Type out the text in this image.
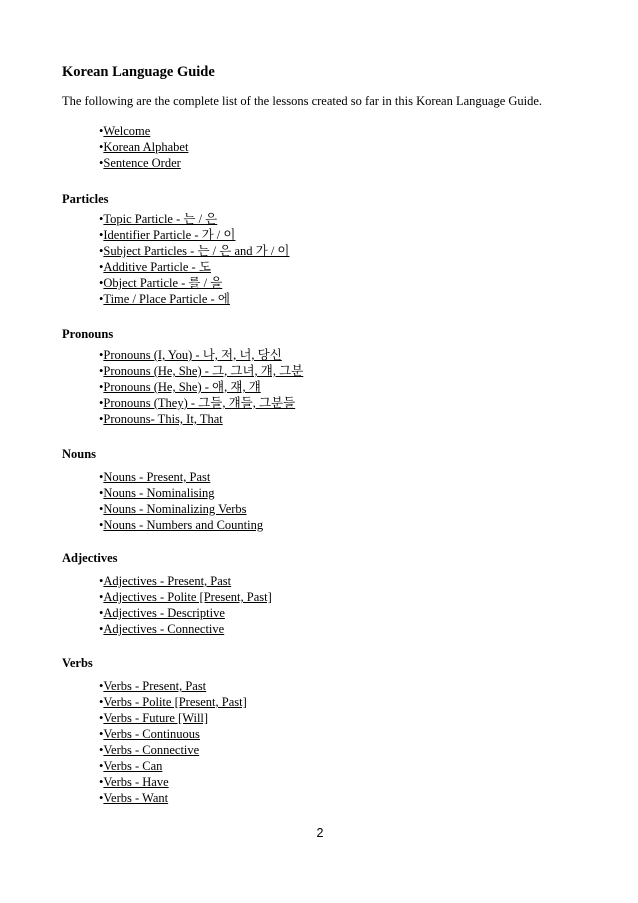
Korean Language Guide

The following are the complete list of the lessons created so far in this Korean Language Guide.

•Welcome
•Korean Alphabet
•Sentence Order
Particles
•Topic Particle - 는 / 은
•Identifier Particle - 가 / 이
•Subject Particles - 는 / 은 and 가 / 이
•Additive Particle - 도
•Object Particle - 를 / 을
•Time / Place Particle - 에
Pronouns
•Pronouns (I, You) - 나, 저, 너, 당신
•Pronouns (He, She) - 그, 그녀, 걔, 그분
•Pronouns (He, She) - 얘, 쟤, 걔
•Pronouns (They) - 그들, 걔들, 그분들
•Pronouns- This, It, That
Nouns
•Nouns - Present, Past
•Nouns - Nominalising
•Nouns - Nominalizing Verbs
•Nouns - Numbers and Counting
Adjectives
•Adjectives - Present, Past
•Adjectives - Polite [Present, Past]
•Adjectives - Descriptive
•Adjectives - Connective
Verbs
•Verbs - Present, Past
•Verbs - Polite [Present, Past]
•Verbs - Future [Will]
•Verbs - Continuous
•Verbs - Connective
•Verbs - Can
•Verbs - Have
•Verbs - Want
2
